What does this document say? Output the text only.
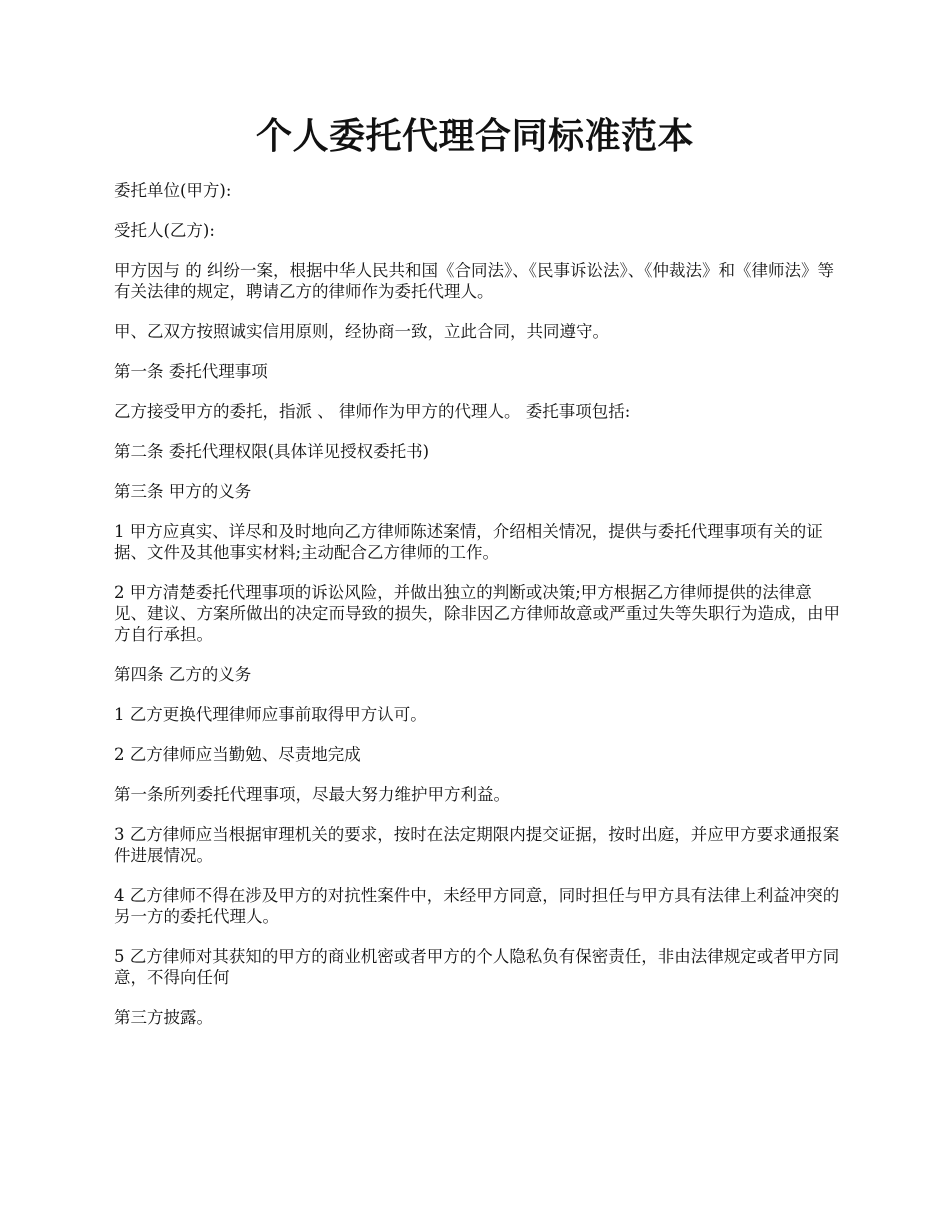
个人委托代理合同标准范本

委托单位(甲方):

受托人(乙方):

甲方因与 的 纠纷一案，根据中华人民共和国《合同法》、《民事诉讼法》、《仲裁法》和《律师法》等有关法律的规定，聘请乙方的律师作为委托代理人。

甲、乙双方按照诚实信用原则，经协商一致，立此合同，共同遵守。

第一条 委托代理事项

乙方接受甲方的委托，指派 、 律师作为甲方的代理人。 委托事项包括:

第二条 委托代理权限(具体详见授权委托书)

第三条 甲方的义务

1 甲方应真实、详尽和及时地向乙方律师陈述案情，介绍相关情况，提供与委托代理事项有关的证据、文件及其他事实材料;主动配合乙方律师的工作。

2 甲方清楚委托代理事项的诉讼风险，并做出独立的判断或决策;甲方根据乙方律师提供的法律意见、建议、方案所做出的决定而导致的损失，除非因乙方律师故意或严重过失等失职行为造成，由甲方自行承担。

第四条 乙方的义务

1 乙方更换代理律师应事前取得甲方认可。

2 乙方律师应当勤勉、尽责地完成

第一条所列委托代理事项，尽最大努力维护甲方利益。

3 乙方律师应当根据审理机关的要求，按时在法定期限内提交证据，按时出庭，并应甲方要求通报案件进展情况。

4 乙方律师不得在涉及甲方的对抗性案件中，未经甲方同意，同时担任与甲方具有法律上利益冲突的另一方的委托代理人。

5 乙方律师对其获知的甲方的商业机密或者甲方的个人隐私负有保密责任，非由法律规定或者甲方同意，不得向任何

第三方披露。
